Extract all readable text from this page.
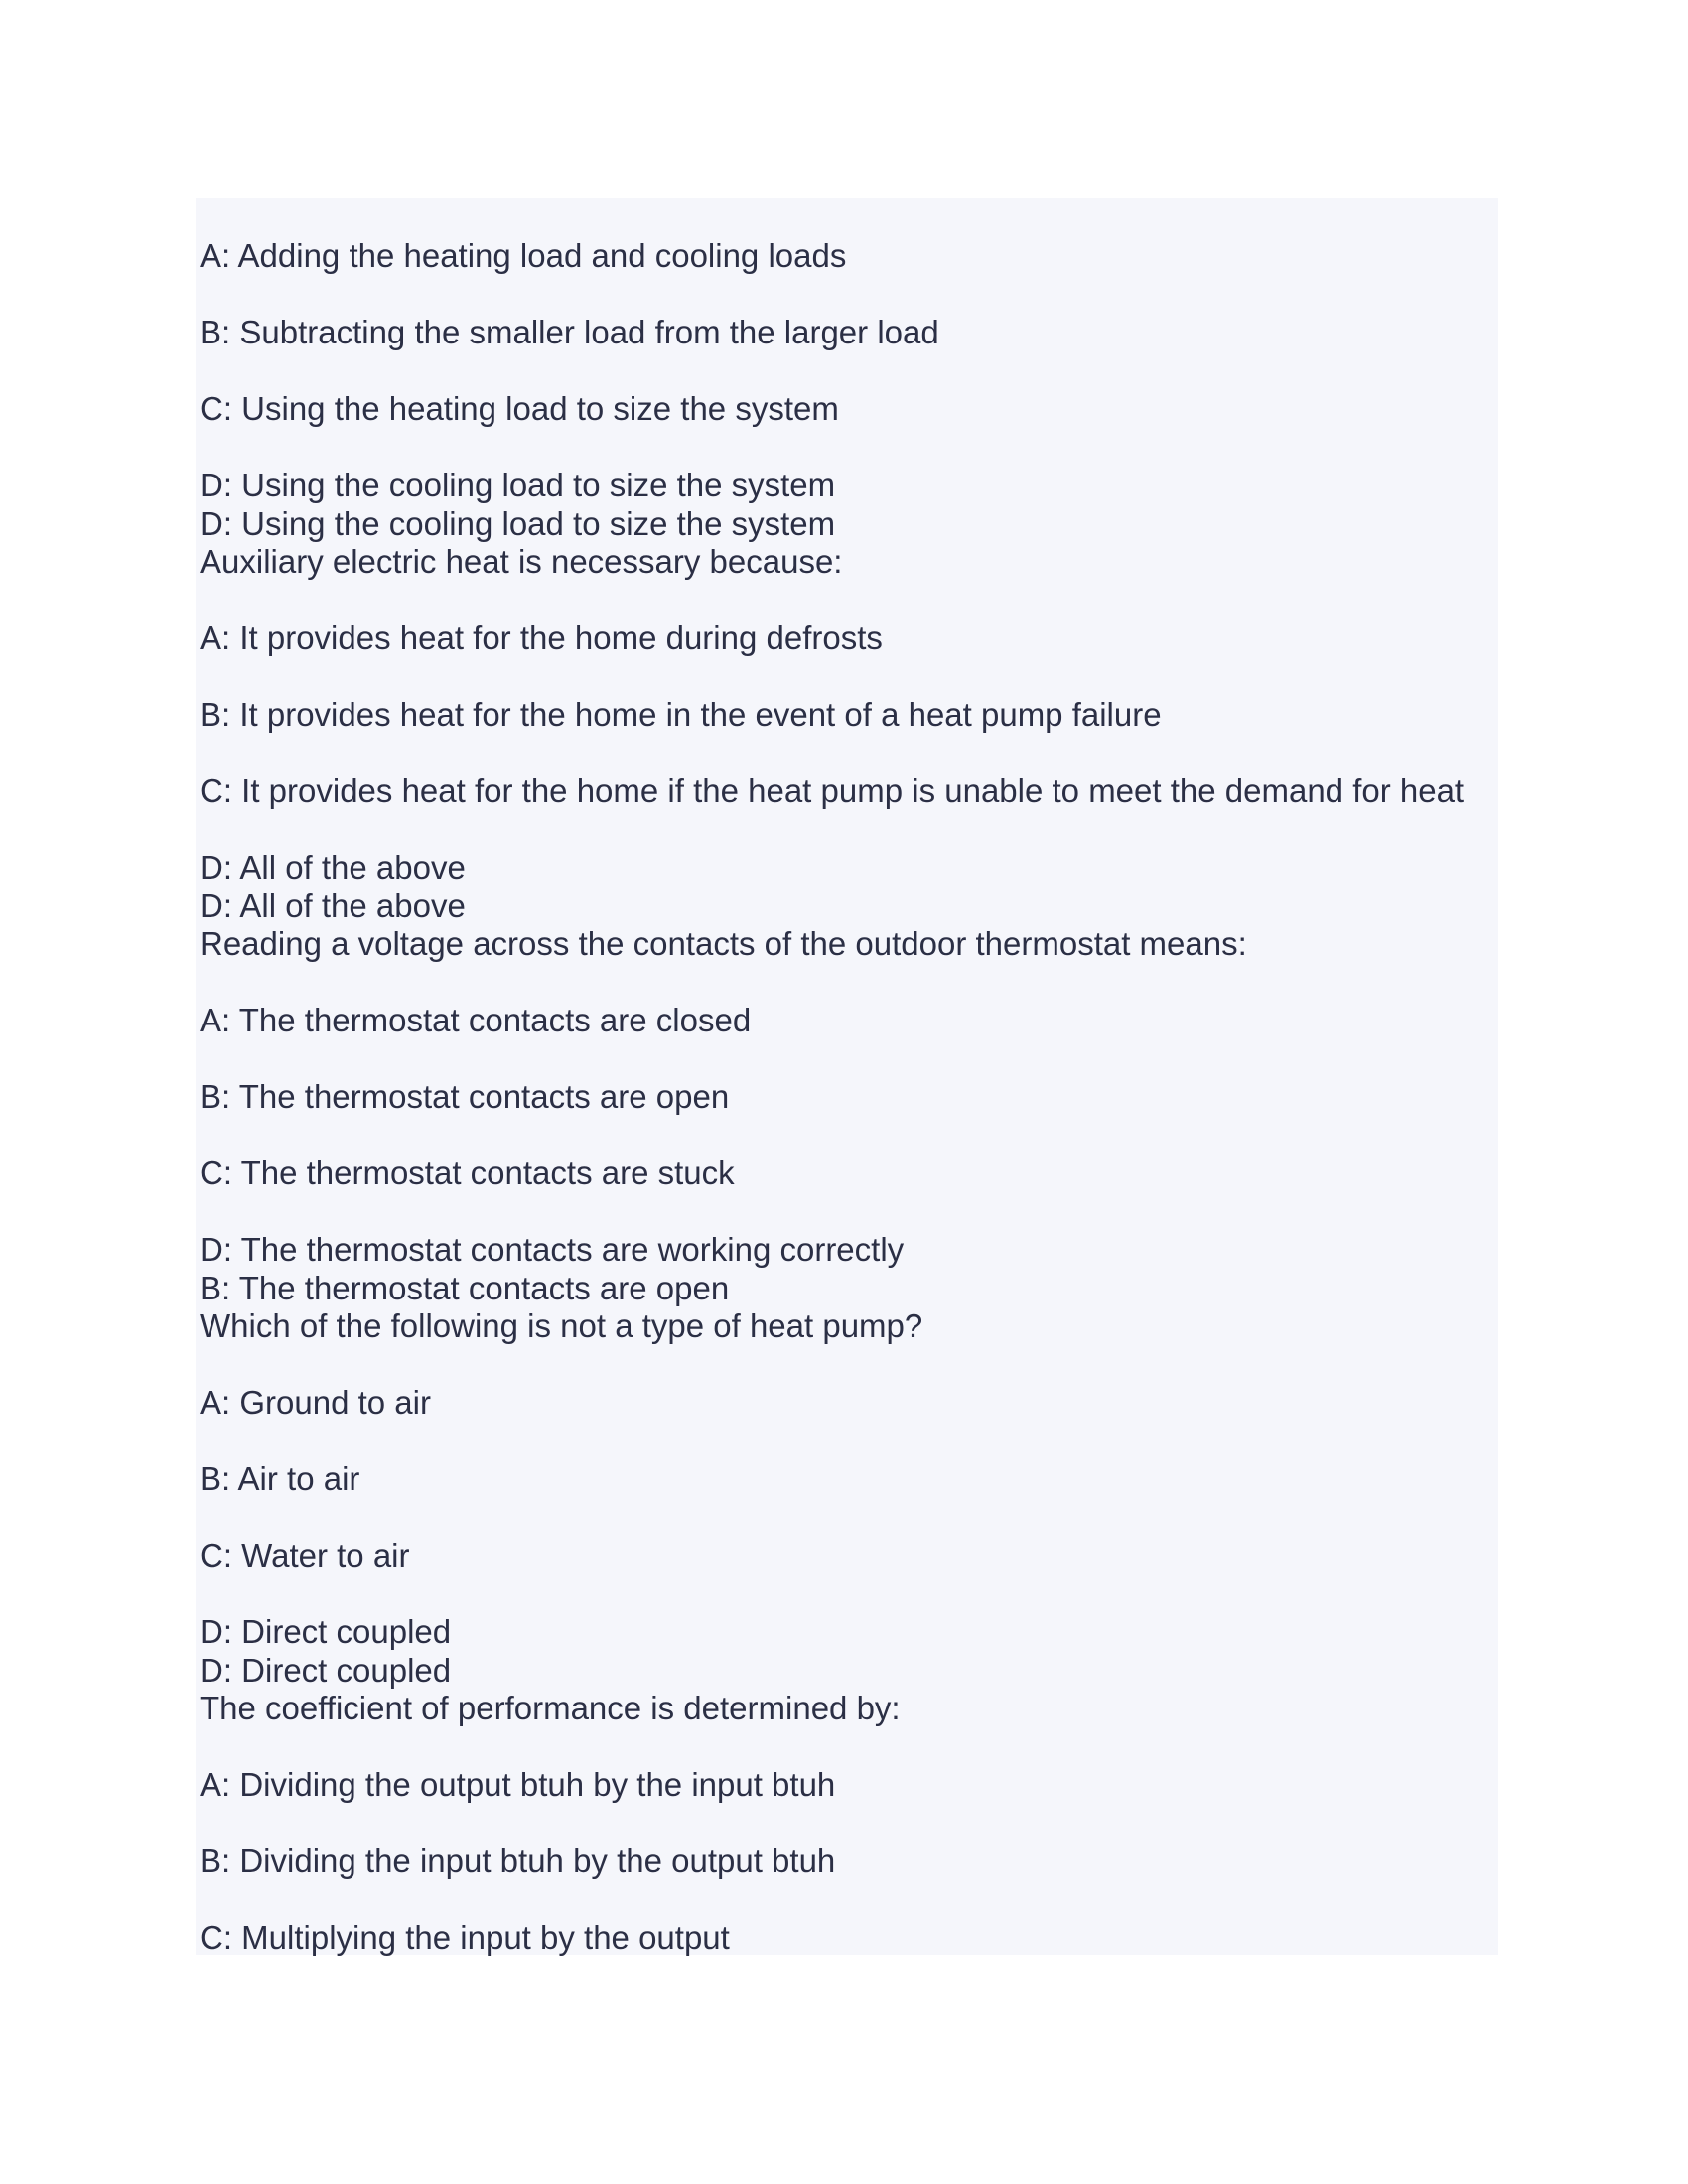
A: Adding the heating load and cooling loads

B: Subtracting the smaller load from the larger load

C: Using the heating load to size the system

D: Using the cooling load to size the system

D: Using the cooling load to size the system

Auxiliary electric heat is necessary because:

A: It provides heat for the home during defrosts

B: It provides heat for the home in the event of a heat pump failure

C: It provides heat for the home if the heat pump is unable to meet the demand for heat

D: All of the above

D: All of the above

Reading a voltage across the contacts of the outdoor thermostat means:

A: The thermostat contacts are closed

B: The thermostat contacts are open

C: The thermostat contacts are stuck

D: The thermostat contacts are working correctly

B: The thermostat contacts are open

Which of the following is not a type of heat pump?

A: Ground to air

B: Air to air

C: Water to air

D: Direct coupled

D: Direct coupled

The coefficient of performance is determined by:

A: Dividing the output btuh by the input btuh

B: Dividing the input btuh by the output btuh

C: Multiplying the input by the output
